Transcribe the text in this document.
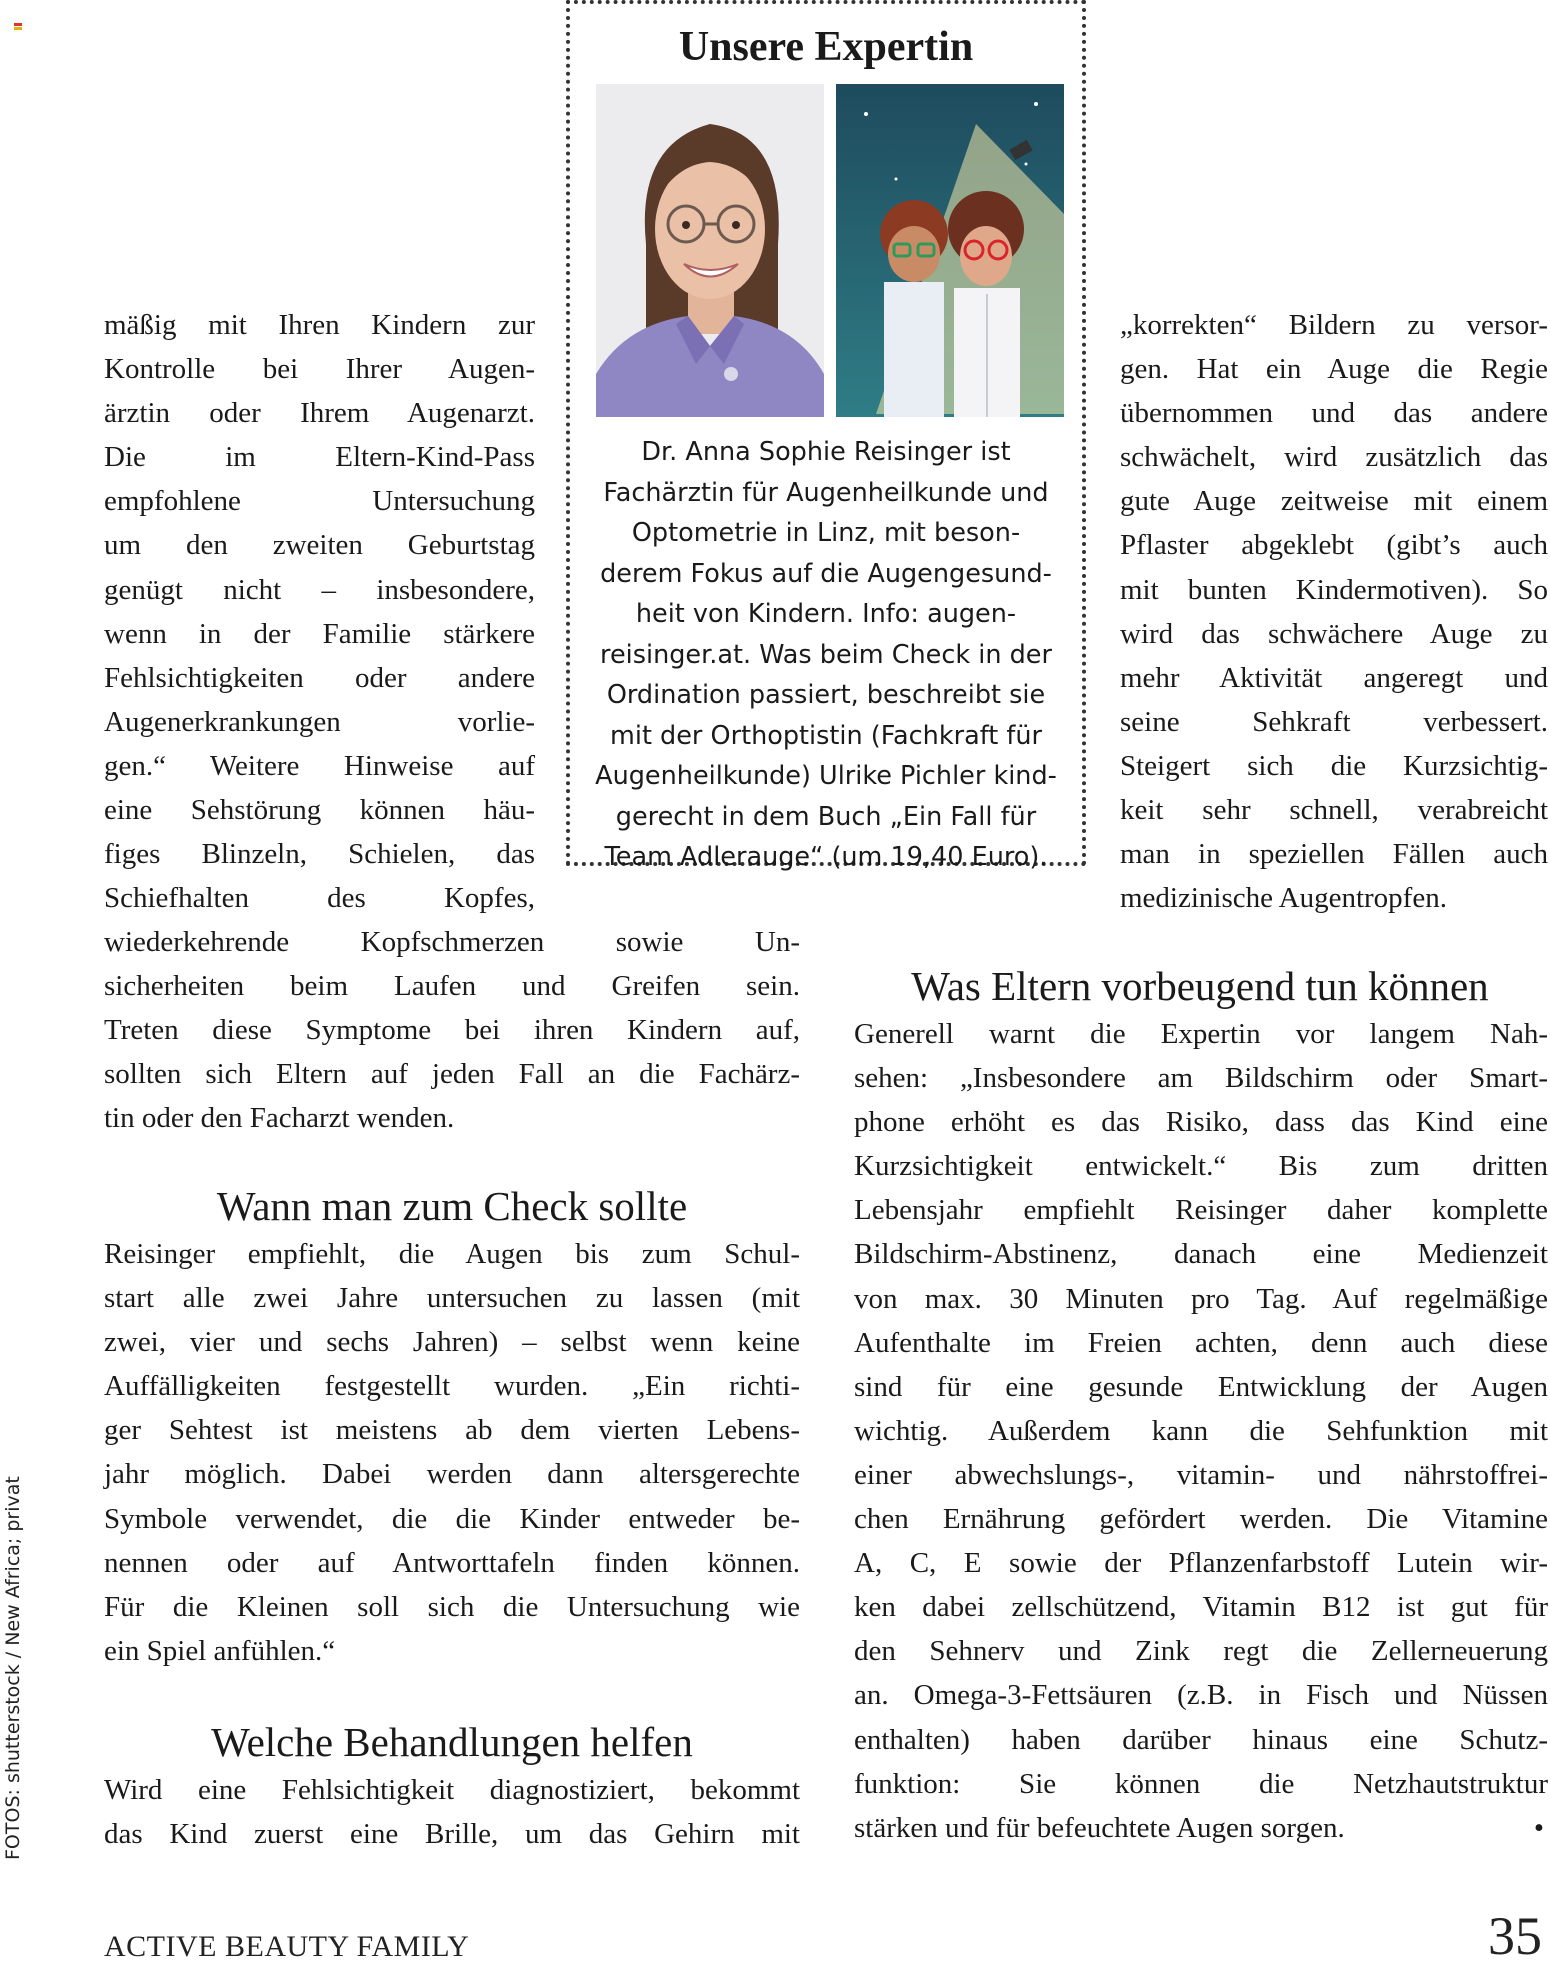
FOTOS: shutterstock / New Africa; privat
Unsere Expertin
Dr. Anna Sophie Reisinger ist
Fachärztin für Augenheilkunde und
Optometrie in Linz, mit beson-
derem Fokus auf die Augengesund-
heit von Kindern. Info: augen-
reisinger.at. Was beim Check in der
Ordination passiert, beschreibt sie
mit der Orthoptistin (Fachkraft für
Augenheilkunde) Ulrike Pichler kind-
gerecht in dem Buch „Ein Fall für
Team Adlerauge“ (um 19,40 Euro).
mäßig mit Ihren Kindern zur
Kontrolle bei Ihrer Augen-
ärztin oder Ihrem Augenarzt.
Die im Eltern-Kind-Pass
empfohlene Untersuchung
um den zweiten Geburtstag
genügt nicht – insbesondere,
wenn in der Familie stärkere
Fehlsichtigkeiten oder andere
Augenerkrankungen vorlie-
gen.“ Weitere Hinweise auf
eine Sehstörung können häu-
figes Blinzeln, Schielen, das
Schiefhalten des Kopfes,
wiederkehrende Kopfschmerzen sowie Un-
sicherheiten beim Laufen und Greifen sein.
Treten diese Symptome bei ihren Kindern auf,
sollten sich Eltern auf jeden Fall an die Fachärz-
tin oder den Facharzt wenden.
Wann man zum Check sollte
Reisinger empfiehlt, die Augen bis zum Schul-
start alle zwei Jahre untersuchen zu lassen (mit
zwei, vier und sechs Jahren) – selbst wenn keine
Auffälligkeiten festgestellt wurden. „Ein richti-
ger Sehtest ist meistens ab dem vierten Lebens-
jahr möglich. Dabei werden dann altersgerechte
Symbole verwendet, die die Kinder entweder be-
nennen oder auf Antworttafeln finden können.
Für die Kleinen soll sich die Untersuchung wie
ein Spiel anfühlen.“
Welche Behandlungen helfen
Wird eine Fehlsichtigkeit diagnostiziert, bekommt
das Kind zuerst eine Brille, um das Gehirn mit
„korrekten“ Bildern zu versor-
gen. Hat ein Auge die Regie
übernommen und das andere
schwächelt, wird zusätzlich das
gute Auge zeitweise mit einem
Pflaster abgeklebt (gibt’s auch
mit bunten Kindermotiven). So
wird das schwächere Auge zu
mehr Aktivität angeregt und
seine Sehkraft verbessert.
Steigert sich die Kurzsichtig-
keit sehr schnell, verabreicht
man in speziellen Fällen auch
medizinische Augentropfen.
Was Eltern vorbeugend tun können
Generell warnt die Expertin vor langem Nah-
sehen: „Insbesondere am Bildschirm oder Smart-
phone erhöht es das Risiko, dass das Kind eine
Kurzsichtigkeit entwickelt.“ Bis zum dritten
Lebensjahr empfiehlt Reisinger daher komplette
Bildschirm-Abstinenz, danach eine Medienzeit
von max. 30 Minuten pro Tag. Auf regelmäßige
Aufenthalte im Freien achten, denn auch diese
sind für eine gesunde Entwicklung der Augen
wichtig. Außerdem kann die Sehfunktion mit
einer abwechslungs-, vitamin- und nährstoffrei-
chen Ernährung gefördert werden. Die Vitamine
A, C, E sowie der Pflanzenfarbstoff Lutein wir-
ken dabei zellschützend, Vitamin B12 ist gut für
den Sehnerv und Zink regt die Zellerneuerung
an. Omega-3-Fettsäuren (z.B. in Fisch und Nüssen
enthalten) haben darüber hinaus eine Schutz-
funktion: Sie können die Netzhautstruktur
stärken und für befeuchtete Augen sorgen.	•
ACTIVE BEAUTY FAMILY	35
